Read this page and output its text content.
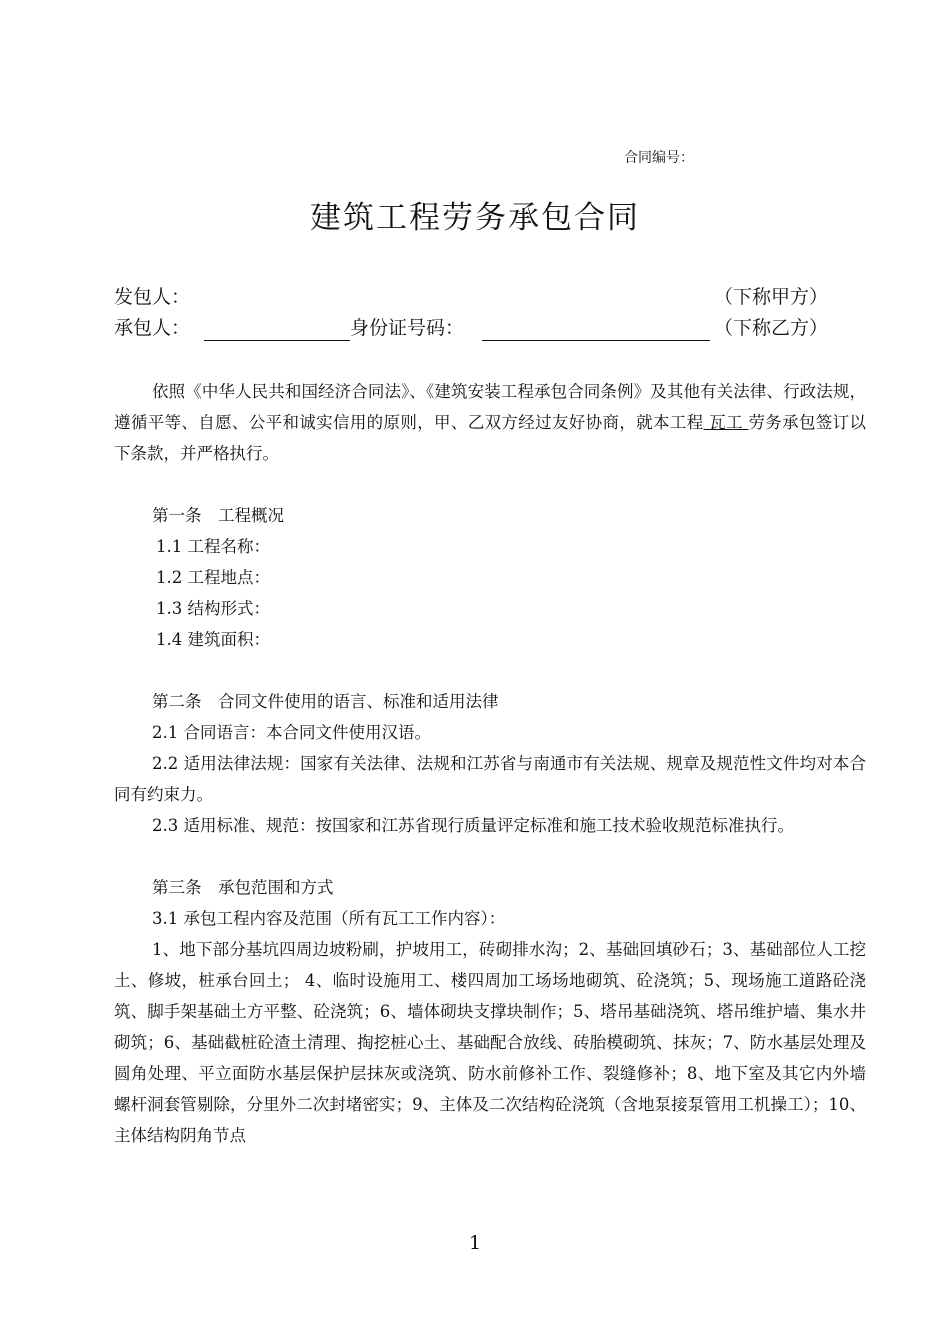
合同编号：
建筑工程劳务承包合同
发包人：	（下称甲方）
承包人：	身份证号码：	（下称乙方）

依照《中华人民共和国经济合同法》、《建筑安装工程承包合同条例》及其他有关法律、行政法规，遵循平等、自愿、公平和诚实信用的原则，甲、乙双方经过友好协商，就本工程 瓦工 劳务承包签订以下条款，并严格执行。

第一条　工程概况

1.1 工程名称：

1.2 工程地点：

1.3 结构形式：

1.4 建筑面积：

第二条　合同文件使用的语言、标准和适用法律

2.1 合同语言：本合同文件使用汉语。

2.2 适用法律法规：国家有关法律、法规和江苏省与南通市有关法规、规章及规范性文件均对本合同有约束力。

2.3 适用标准、规范：按国家和江苏省现行质量评定标准和施工技术验收规范标准执行。

第三条　承包范围和方式

3.1 承包工程内容及范围（所有瓦工工作内容）：

1、地下部分基坑四周边坡粉刷，护坡用工，砖砌排水沟；2、基础回填砂石；3、基础部位人工挖土、修坡，桩承台回土； 4、临时设施用工、楼四周加工场场地砌筑、砼浇筑；5、现场施工道路砼浇筑、脚手架基础土方平整、砼浇筑；6、墙体砌块支撑块制作；5、塔吊基础浇筑、塔吊维护墙、集水井砌筑；6、基础截桩砼渣土清理、掏挖桩心土、基础配合放线、砖胎模砌筑、抹灰；7、防水基层处理及圆角处理、平立面防水基层保护层抹灰或浇筑、防水前修补工作、裂缝修补；8、地下室及其它内外墙螺杆洞套管剔除，分里外二次封堵密实；9、主体及二次结构砼浇筑（含地泵接泵管用工机操工）；10、主体结构阴角节点

1
